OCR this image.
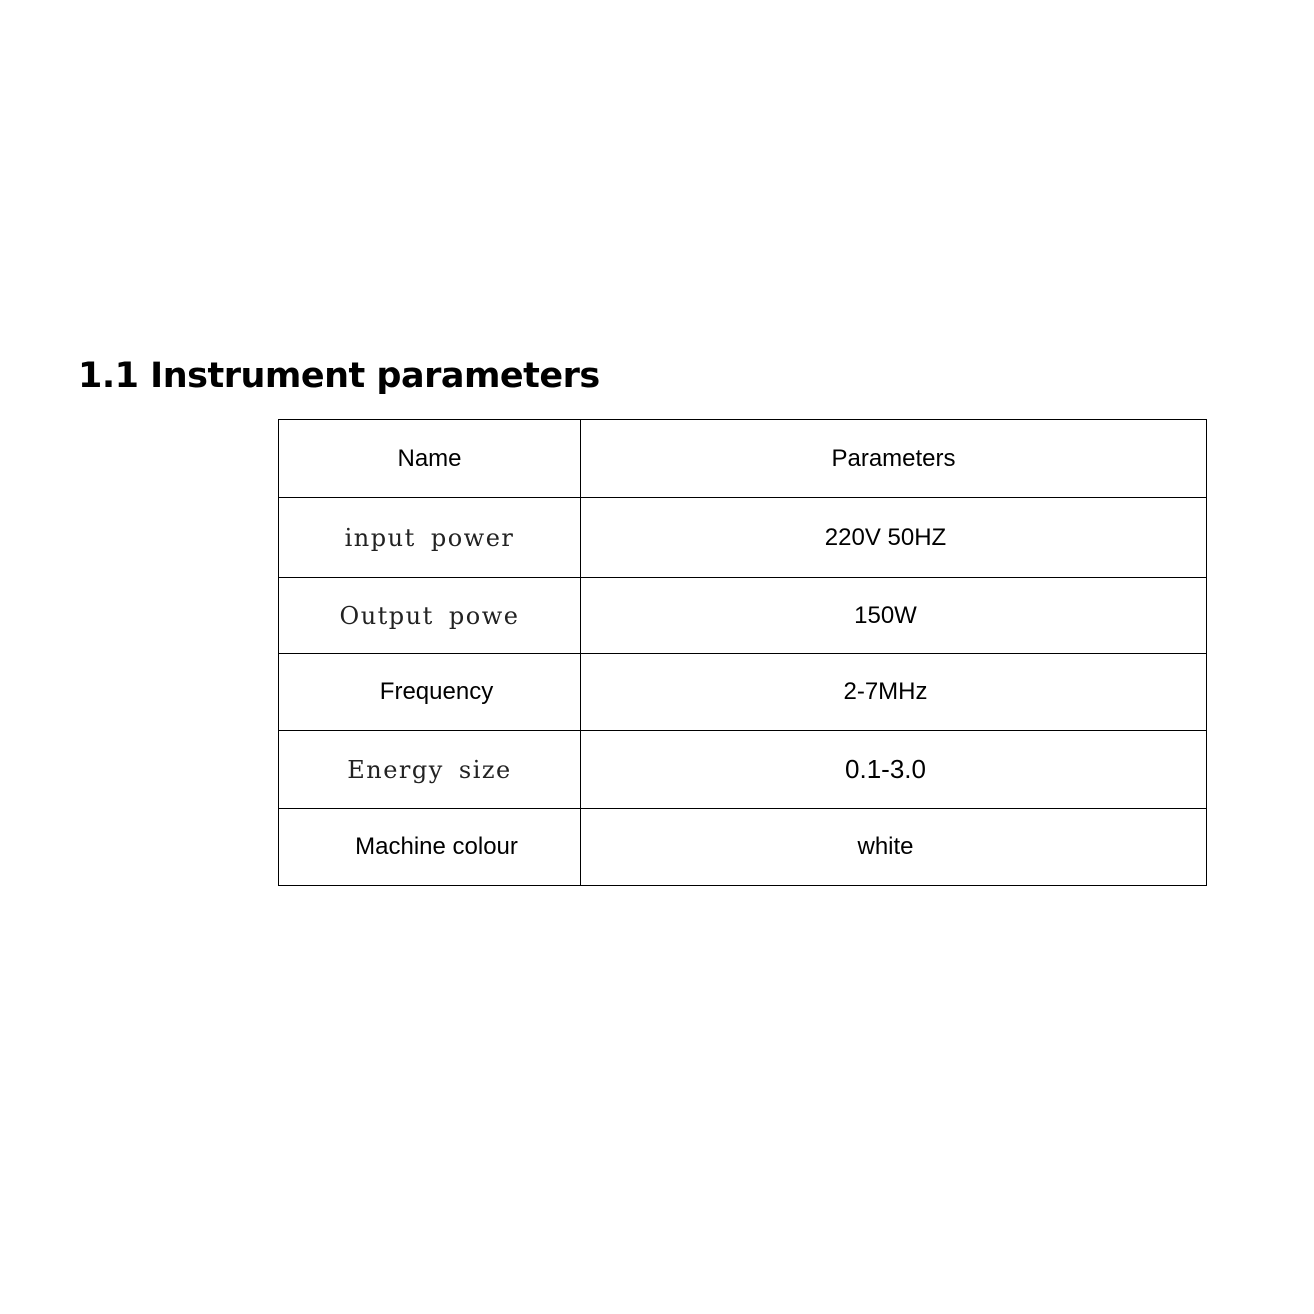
1.1 Instrument parameters
Name	Parameters
input power	220V 50HZ
Output powe	150W
Frequency	2-7MHz
Energy size	0.1-3.0
Machine colour	white
